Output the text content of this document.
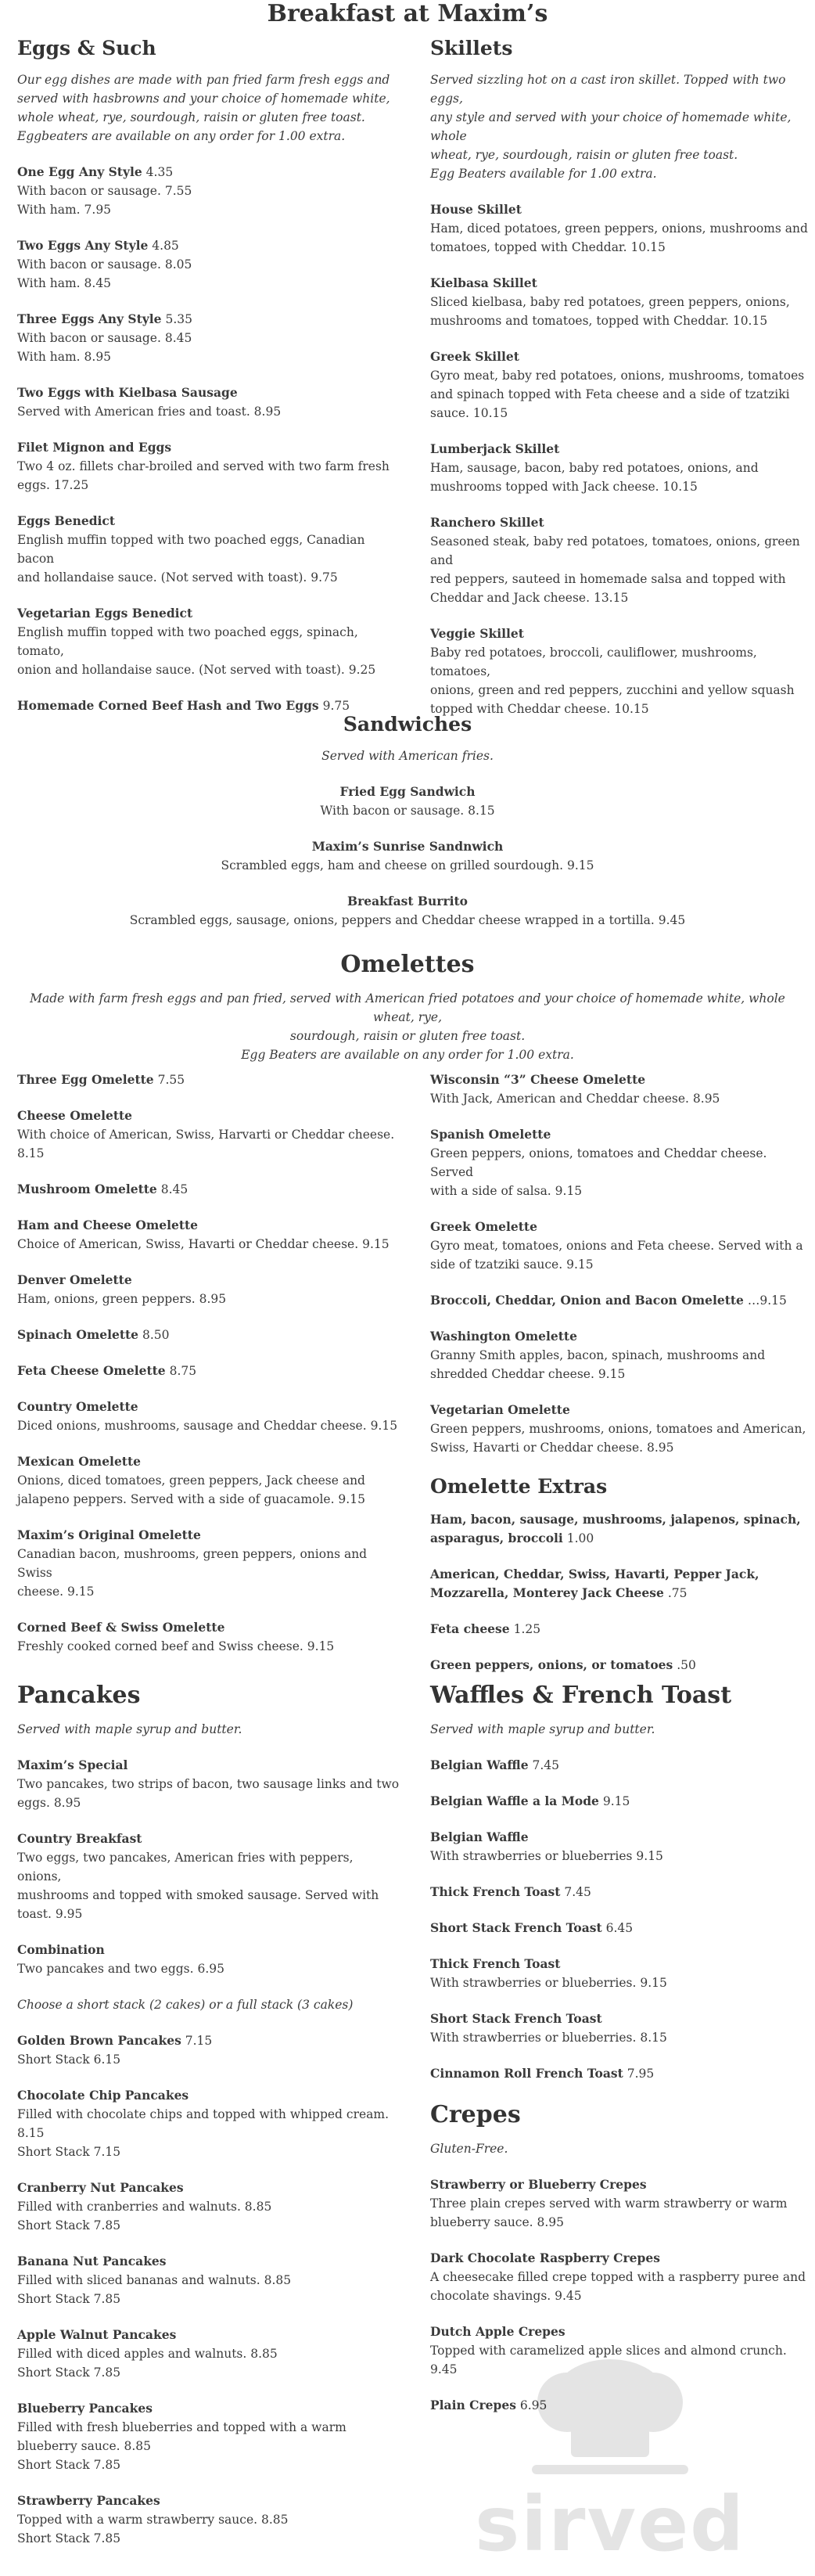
Breakfast at Maxim’s
Eggs & Such

Our egg dishes are made with pan fried farm fresh eggs and
served with hasbrowns and your choice of homemade white,
whole wheat, rye, sourdough, raisin or gluten free toast.
Eggbeaters are available on any order for 1.00 extra.

One Egg Any Style 4.35
With bacon or sausage. 7.55
With ham. 7.95
Two Eggs Any Style 4.85
With bacon or sausage. 8.05
With ham. 8.45
Three Eggs Any Style 5.35
With bacon or sausage. 8.45
With ham. 8.95
Two Eggs with Kielbasa Sausage
Served with American fries and toast. 8.95
Filet Mignon and Eggs
Two 4 oz. fillets char-broiled and served with two farm fresh
eggs. 17.25
Eggs Benedict
English muffin topped with two poached eggs, Canadian bacon
and hollandaise sauce. (Not served with toast). 9.75
Vegetarian Eggs Benedict
English muffin topped with two poached eggs, spinach, tomato,
onion and hollandaise sauce. (Not served with toast). 9.25
Homemade Corned Beef Hash and Two Eggs 9.75
Skillets

Served sizzling hot on a cast iron skillet. Topped with two eggs,
any style and served with your choice of homemade white, whole
wheat, rye, sourdough, raisin or gluten free toast.
Egg Beaters available for 1.00 extra.

House Skillet
Ham, diced potatoes, green peppers, onions, mushrooms and
tomatoes, topped with Cheddar. 10.15
Kielbasa Skillet
Sliced kielbasa, baby red potatoes, green peppers, onions,
mushrooms and tomatoes, topped with Cheddar. 10.15
Greek Skillet
Gyro meat, baby red potatoes, onions, mushrooms, tomatoes
and spinach topped with Feta cheese and a side of tzatziki
sauce. 10.15
Lumberjack Skillet
Ham, sausage, bacon, baby red potatoes, onions, and
mushrooms topped with Jack cheese. 10.15
Ranchero Skillet
Seasoned steak, baby red potatoes, tomatoes, onions, green and
red peppers, sauteed in homemade salsa and topped with
Cheddar and Jack cheese. 13.15
Veggie Skillet
Baby red potatoes, broccoli, cauliflower, mushrooms, tomatoes,
onions, green and red peppers, zucchini and yellow squash
topped with Cheddar cheese. 10.15
Sandwiches

Served with American fries.

Fried Egg Sandwich
With bacon or sausage. 8.15
Maxim’s Sunrise Sandnwich
Scrambled eggs, ham and cheese on grilled sourdough. 9.15
Breakfast Burrito
Scrambled eggs, sausage, onions, peppers and Cheddar cheese wrapped in a tortilla. 9.45
Omelettes

Made with farm fresh eggs and pan fried, served with American fried potatoes and your choice of homemade white, whole wheat, rye,
sourdough, raisin or gluten free toast.
Egg Beaters are available on any order for 1.00 extra.

Three Egg Omelette 7.55
Cheese Omelette
With choice of American, Swiss, Harvarti or Cheddar cheese.
8.15
Mushroom Omelette 8.45
Ham and Cheese Omelette
Choice of American, Swiss, Havarti or Cheddar cheese. 9.15
Denver Omelette
Ham, onions, green peppers. 8.95
Spinach Omelette 8.50
Feta Cheese Omelette 8.75
Country Omelette
Diced onions, mushrooms, sausage and Cheddar cheese. 9.15
Mexican Omelette
Onions, diced tomatoes, green peppers, Jack cheese and
jalapeno peppers. Served with a side of guacamole. 9.15
Maxim’s Original Omelette
Canadian bacon, mushrooms, green peppers, onions and Swiss
cheese. 9.15
Corned Beef & Swiss Omelette
Freshly cooked corned beef and Swiss cheese. 9.15
Wisconsin “3” Cheese Omelette
With Jack, American and Cheddar cheese. 8.95
Spanish Omelette
Green peppers, onions, tomatoes and Cheddar cheese. Served
with a side of salsa. 9.15
Greek Omelette
Gyro meat, tomatoes, onions and Feta cheese. Served with a
side of tzatziki sauce. 9.15
Broccoli, Cheddar, Onion and Bacon Omelette …9.15
Washington Omelette
Granny Smith apples, bacon, spinach, mushrooms and
shredded Cheddar cheese. 9.15
Vegetarian Omelette
Green peppers, mushrooms, onions, tomatoes and American,
Swiss, Havarti or Cheddar cheese. 8.95
Omelette Extras
Ham, bacon, sausage, mushrooms, jalapenos, spinach,
asparagus, broccoli 1.00
American, Cheddar, Swiss, Havarti, Pepper Jack,
Mozzarella, Monterey Jack Cheese .75
Feta cheese 1.25
Green peppers, onions, or tomatoes .50
Pancakes

Served with maple syrup and butter.

Maxim’s Special
Two pancakes, two strips of bacon, two sausage links and two
eggs. 8.95
Country Breakfast
Two eggs, two pancakes, American fries with peppers, onions,
mushrooms and topped with smoked sausage. Served with
toast. 9.95
Combination
Two pancakes and two eggs. 6.95

Choose a short stack (2 cakes) or a full stack (3 cakes)

Golden Brown Pancakes 7.15
Short Stack 6.15
Chocolate Chip Pancakes
Filled with chocolate chips and topped with whipped cream.
8.15
Short Stack 7.15
Cranberry Nut Pancakes
Filled with cranberries and walnuts. 8.85
Short Stack 7.85
Banana Nut Pancakes
Filled with sliced bananas and walnuts. 8.85
Short Stack 7.85
Apple Walnut Pancakes
Filled with diced apples and walnuts. 8.85
Short Stack 7.85
Blueberry Pancakes
Filled with fresh blueberries and topped with a warm
blueberry sauce. 8.85
Short Stack 7.85
Strawberry Pancakes
Topped with a warm strawberry sauce. 8.85
Short Stack 7.85
Waffles & French Toast

Served with maple syrup and butter.

Belgian Waffle 7.45
Belgian Waffle a la Mode 9.15
Belgian Waffle
With strawberries or blueberries 9.15
Thick French Toast 7.45
Short Stack French Toast 6.45
Thick French Toast
With strawberries or blueberries. 9.15
Short Stack French Toast
With strawberries or blueberries. 8.15
Cinnamon Roll French Toast 7.95
Crepes

Gluten-Free.

Strawberry or Blueberry Crepes
Three plain crepes served with warm strawberry or warm
blueberry sauce. 8.95
Dark Chocolate Raspberry Crepes
A cheesecake filled crepe topped with a raspberry puree and
chocolate shavings. 9.45
Dutch Apple Crepes
Topped with caramelized apple slices and almond crunch. 9.45
Plain Crepes 6.95
sirved
